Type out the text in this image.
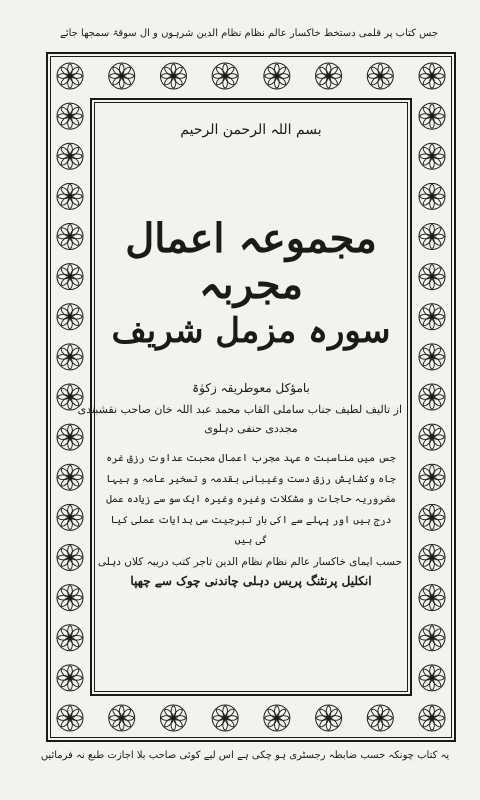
جس کتاب پر قلمی دستخط خاکسار عالم نظام نظام الدین شرہوں و ال سوقۃ سمجھا جائے
بسم اللہ الرحمن الرحیم
مجموعہ اعمال مجربہ
سورہ مزمل شریف
بامؤکل معوطریقہ زکوٰۃ
از تالیف لطیف جناب ساملی القاب محمد عبد اللہ خان صاحب نقشبندی
مجددی حنفی دہلوی
جس میں مناسبت ہ عہد مجرب اعمال محبت عداوت رزق غرہ جاہ وکشایش رزق دست وغیبانی بقدمہ و تسخیر عامہ و ہیہا مضروریہ حاجات و مشکلات وغیرہ وغیرہ ایک سو سے زیادہ عمل درج ہیں اور پہلے سے اکی بار تبرجیت سی ہدایات عملی کیا گی ہیں
حسب ایمای خاکسار عالم نظام نظام الدین تاجر کتب دریبہ کلاں دہلی
انکلیل پرنٹنگ پریس دہلی چاندنی چوک سے چھپا
یہ کتاب چونکہ حسب ضابطہ رجسٹری ہو چکی ہے اس لیے کوئی صاحب بلا اجازت طبع نہ فرمائیں
